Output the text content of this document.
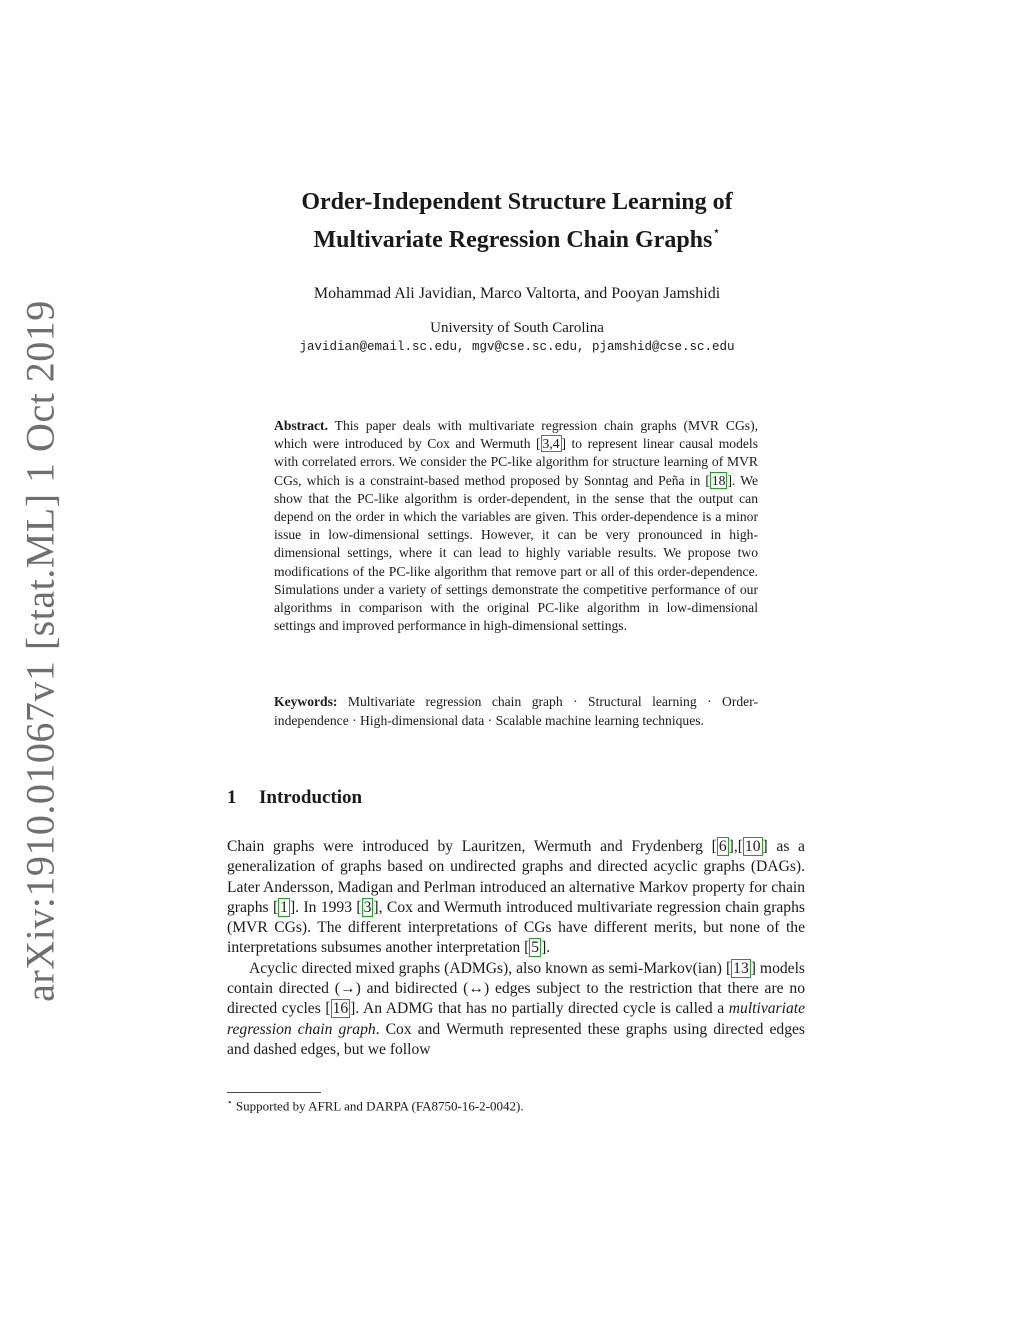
arXiv:1910.01067v1 [stat.ML] 1 Oct 2019
Order-Independent Structure Learning of
Multivariate Regression Chain Graphs⋆
Mohammad Ali Javidian, Marco Valtorta, and Pooyan Jamshidi
University of South Carolina
javidian@email.sc.edu, mgv@cse.sc.edu, pjamshid@cse.sc.edu
Abstract. This paper deals with multivariate regression chain graphs (MVR CGs), which were introduced by Cox and Wermuth [ 3,4 ] to represent linear causal models with correlated errors. We consider the PC-like algorithm for structure learning of MVR CGs, which is a constraint-based method proposed by Sonntag and Peña in [ 18 ]. We show that the PC-like algorithm is order-dependent, in the sense that the output can depend on the order in which the variables are given. This order-dependence is a minor issue in low-dimensional settings. However, it can be very pronounced in high-dimensional settings, where it can lead to highly variable results. We propose two modifications of the PC-like algorithm that remove part or all of this order-dependence. Simulations under a variety of settings demonstrate the competitive performance of our algorithms in comparison with the original PC-like algorithm in low-dimensional settings and improved performance in high-dimensional settings.
Keywords: Multivariate regression chain graph · Structural learning · Order-independence · High-dimensional data · Scalable machine learning techniques.
1 Introduction

Chain graphs were introduced by Lauritzen, Wermuth and Frydenberg [ 6 ],[ 10 ] as a generalization of graphs based on undirected graphs and directed acyclic graphs (DAGs). Later Andersson, Madigan and Perlman introduced an alternative Markov property for chain graphs [ 1 ]. In 1993 [ 3 ], Cox and Wermuth introduced multivariate regression chain graphs (MVR CGs). The different interpretations of CGs have different merits, but none of the interpretations subsumes another interpretation [ 5 ].

Acyclic directed mixed graphs (ADMGs), also known as semi-Markov(ian) [ 13 ] models contain directed (→) and bidirected (↔) edges subject to the restriction that there are no directed cycles [ 16 ]. An ADMG that has no partially directed cycle is called a multivariate regression chain graph. Cox and Wermuth represented these graphs using directed edges and dashed edges, but we follow

⋆ Supported by AFRL and DARPA (FA8750-16-2-0042).
